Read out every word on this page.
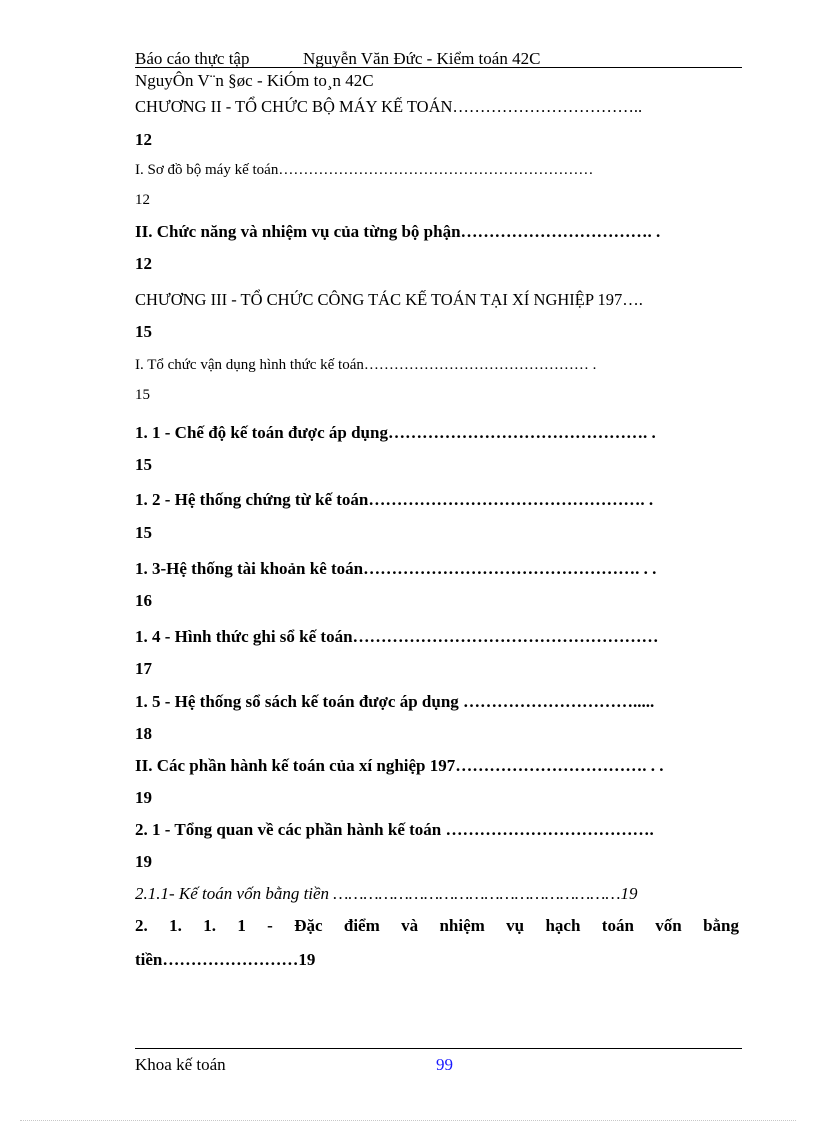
Báo cáo thực tập	Nguyễn Văn Đức - Kiểm toán 42C
NguyÔn V¨n §øc - KiÓm to¸n 42C
CHƯƠNG II - TỔ CHỨC BỘ MÁY KẾ TOÁN……………………………..
12
I. Sơ đồ bộ máy kế toán………………………………………………………
12
II. Chức năng và nhiệm vụ của từng bộ phận……………………………. .
12
CHƯƠNG III - TỔ CHỨC CÔNG TÁC KẾ TOÁN TẠI XÍ NGHIỆP 197….
15
I. Tổ chức vận dụng hình thức kế toán……………………………………… .
15
1. 1 - Chế độ kế toán được áp dụng………………………………………. .
15
1. 2 - Hệ thống chứng từ kế toán…………………………………………. .
15
1. 3-Hệ thống tài khoản kê toán…………………………………………. . .
16
1. 4 - Hình thức ghi sổ kế toán………………………………………………
17
1. 5 - Hệ thống sổ sách kế toán được áp dụng ………………………….....
18
II. Các phần hành kế toán của xí nghiệp 197……………………………. . .
19
2. 1 - Tổng quan về các phần hành kế toán ……………………………….
19
2.1.1- Kế toán vốn bằng tiền …………………………………………………19
2. 1. 1. 1 - Đặc điểm và nhiệm vụ hạch toán vốn bằng
tiền……………………19
Khoa kế toán	99
